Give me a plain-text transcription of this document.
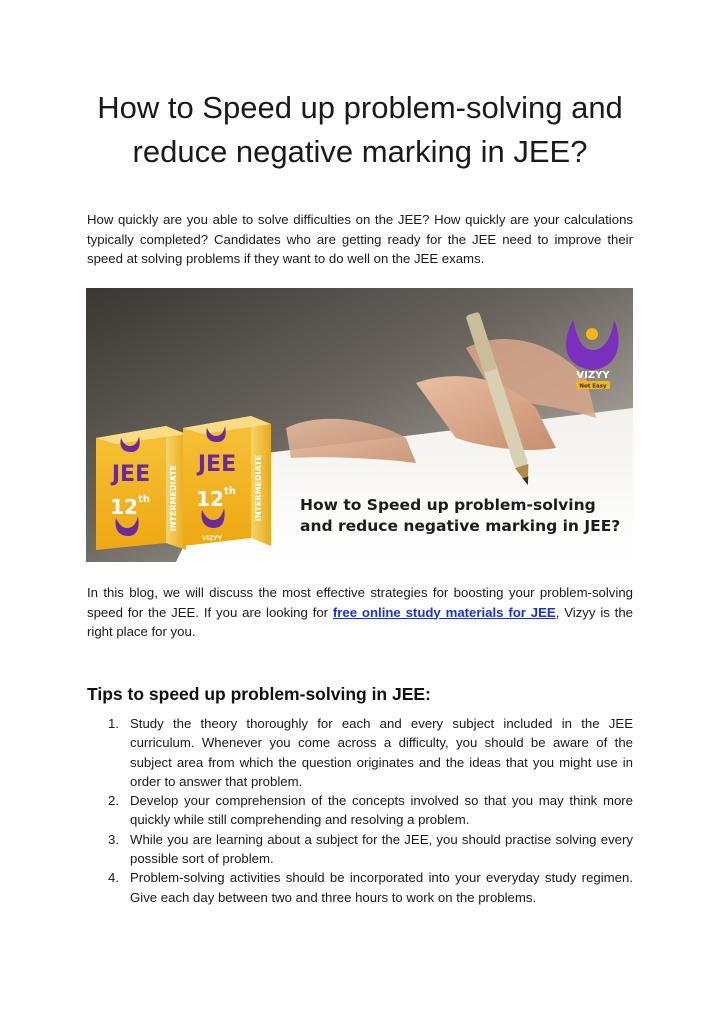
How to Speed up problem-solving and
reduce negative marking in JEE?

How quickly are you able to solve difficulties on the JEE? How quickly are your calculations typically completed? Candidates who are getting ready for the JEE need to improve their speed at solving problems if they want to do well on the JEE exams.

VIZYY
Not Easy
JEE
12 th INTERMEDIATE
JEE
12 th
VIZYY
INTERMEDIATE How to Speed up problem-solving
and reduce negative marking in JEE?

In this blog, we will discuss the most effective strategies for boosting your problem-solving speed for the JEE. If you are looking for free online study materials for JEE, Vizyy is the right place for you.

Tips to speed up problem-solving in JEE:
1. Study the theory thoroughly for each and every subject included in the JEE curriculum. Whenever you come across a difficulty, you should be aware of the subject area from which the question originates and the ideas that you might use in order to answer that problem.
2. Develop your comprehension of the concepts involved so that you may think more quickly while still comprehending and resolving a problem.
3. While you are learning about a subject for the JEE, you should practise solving every possible sort of problem.
4. Problem-solving activities should be incorporated into your everyday study regimen. Give each day between two and three hours to work on the problems.
